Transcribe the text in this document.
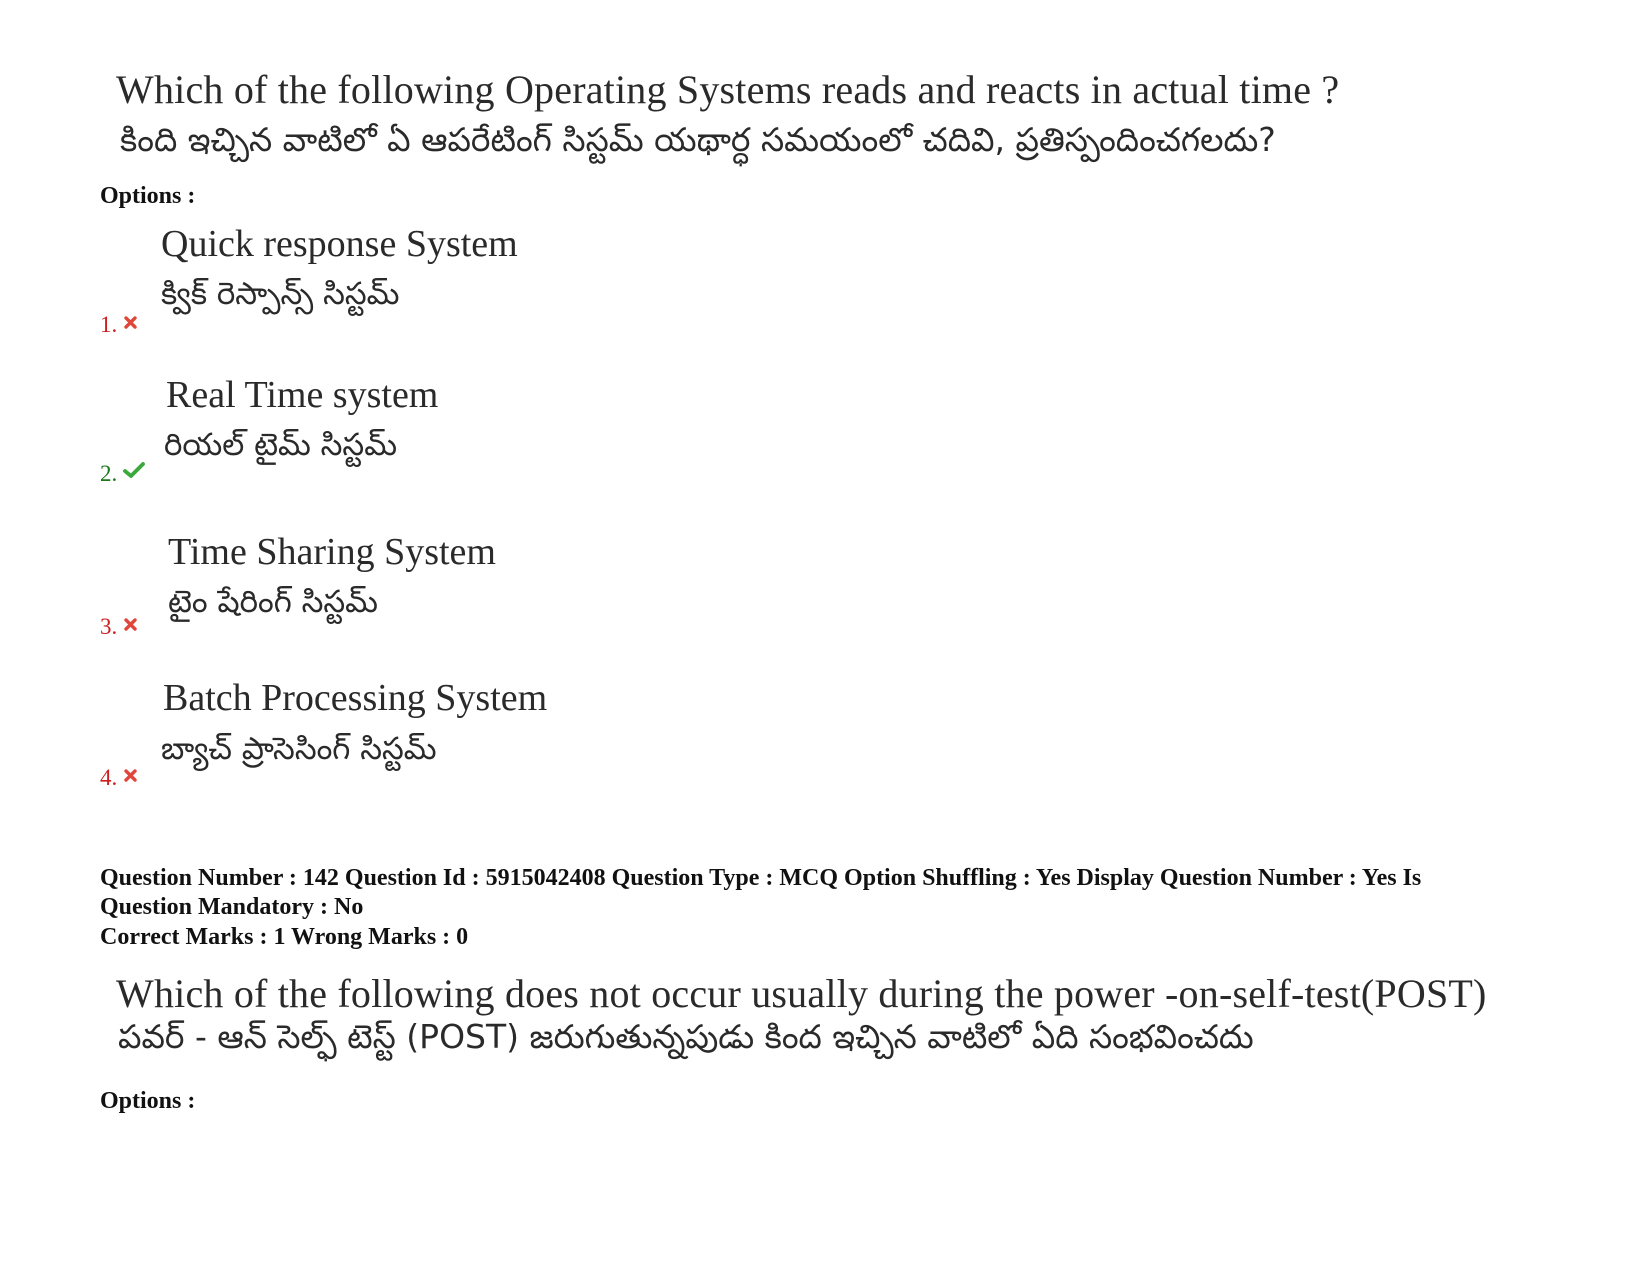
Which of the following Operating Systems reads and reacts in actual time ?
కింది ఇచ్చిన వాటిలో ఏ ఆపరేటింగ్ సిస్టమ్ యథార్ధ సమయంలో చదివి, ప్రతిస్పందించగలదు?
Options :
Quick response System
క్విక్ రెస్పాన్స్ సిస్టమ్
1.
Real Time system
రియల్ టైమ్ సిస్టమ్
2.
Time Sharing System
టైం షేరింగ్ సిస్టమ్
3.
Batch Processing System
బ్యాచ్ ప్రాసెసింగ్ సిస్టమ్
4.
Question Number : 142 Question Id : 5915042408 Question Type : MCQ Option Shuffling : Yes Display Question Number : Yes Is
Question Mandatory : No
Correct Marks : 1 Wrong Marks : 0
Which of the following does not occur usually during the power -on-self-test(POST)
పవర్ - ఆన్ సెల్ఫ్ టెస్ట్ (POST) జరుగుతున్నపుడు కింద ఇచ్చిన వాటిలో ఏది సంభవించదు
Options :
